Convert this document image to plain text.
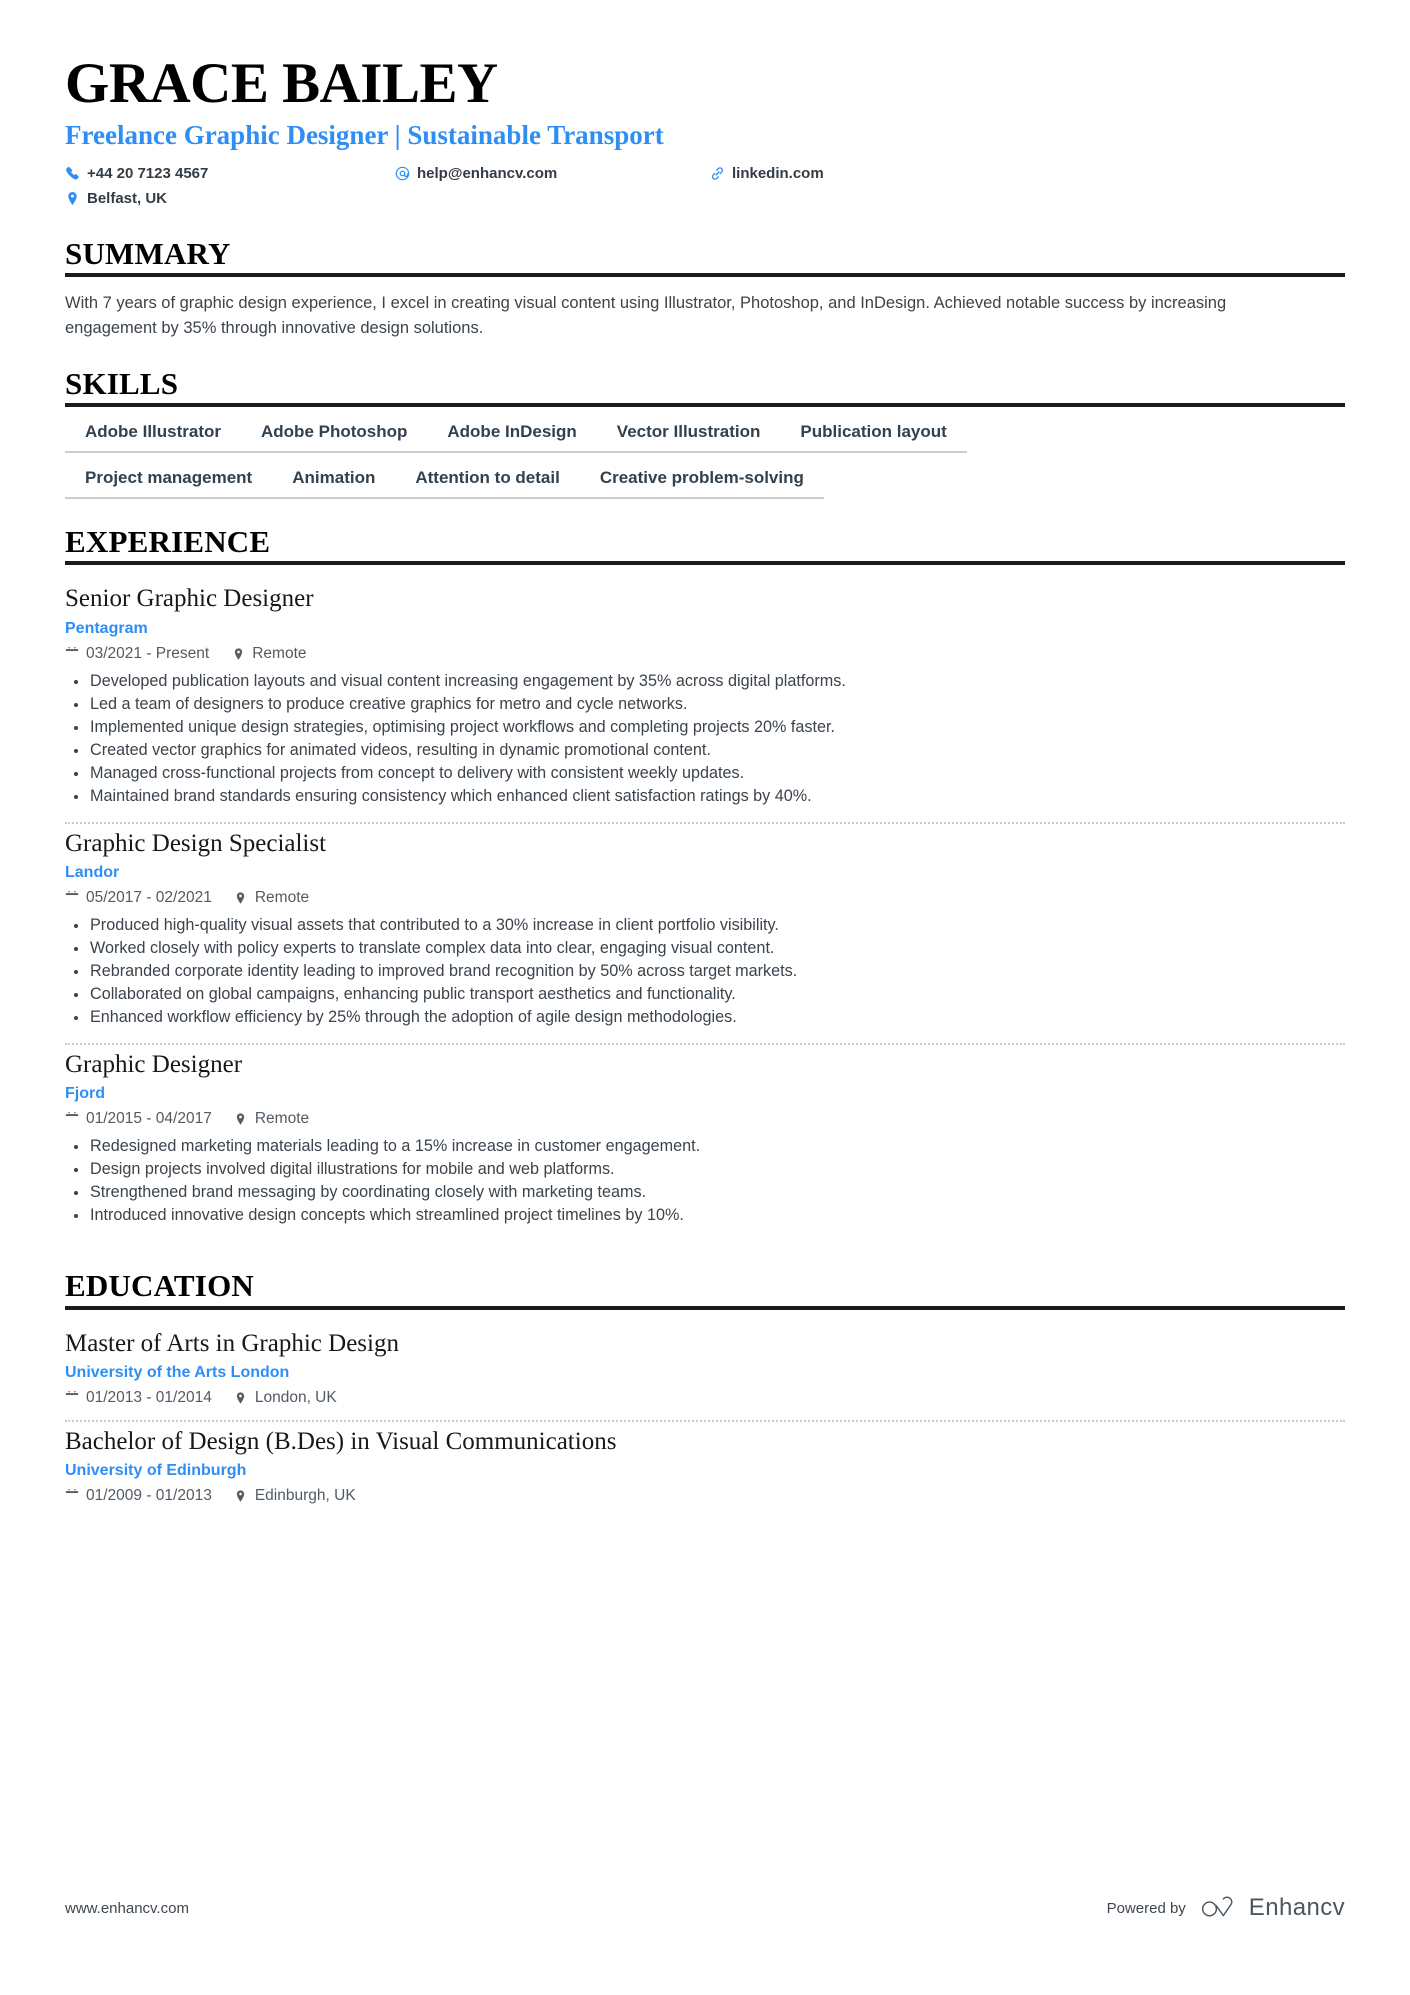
GRACE BAILEY
Freelance Graphic Designer | Sustainable Transport
+44 20 7123 4567	help@enhancv.com	linkedin.com
Belfast, UK
SUMMARY

With 7 years of graphic design experience, I excel in creating visual content using Illustrator, Photoshop, and InDesign. Achieved notable success by increasing engagement by 35% through innovative design solutions.

SKILLS
Adobe Illustrator	Adobe Photoshop	Adobe InDesign	Vector Illustration	Publication layout
Project management	Animation	Attention to detail	Creative problem-solving
EXPERIENCE
Senior Graphic Designer
Pentagram
03/2021 - Present	Remote
Developed publication layouts and visual content increasing engagement by 35% across digital platforms.
Led a team of designers to produce creative graphics for metro and cycle networks.
Implemented unique design strategies, optimising project workflows and completing projects 20% faster.
Created vector graphics for animated videos, resulting in dynamic promotional content.
Managed cross-functional projects from concept to delivery with consistent weekly updates.
Maintained brand standards ensuring consistency which enhanced client satisfaction ratings by 40%.
Graphic Design Specialist
Landor
05/2017 - 02/2021	Remote
Produced high-quality visual assets that contributed to a 30% increase in client portfolio visibility.
Worked closely with policy experts to translate complex data into clear, engaging visual content.
Rebranded corporate identity leading to improved brand recognition by 50% across target markets.
Collaborated on global campaigns, enhancing public transport aesthetics and functionality.
Enhanced workflow efficiency by 25% through the adoption of agile design methodologies.
Graphic Designer
Fjord
01/2015 - 04/2017	Remote
Redesigned marketing materials leading to a 15% increase in customer engagement.
Design projects involved digital illustrations for mobile and web platforms.
Strengthened brand messaging by coordinating closely with marketing teams.
Introduced innovative design concepts which streamlined project timelines by 10%.
EDUCATION
Master of Arts in Graphic Design
University of the Arts London
01/2013 - 01/2014	London, UK
Bachelor of Design (B.Des) in Visual Communications
University of Edinburgh
01/2009 - 01/2013	Edinburgh, UK
www.enhancv.com	Powered by	Enhancv
